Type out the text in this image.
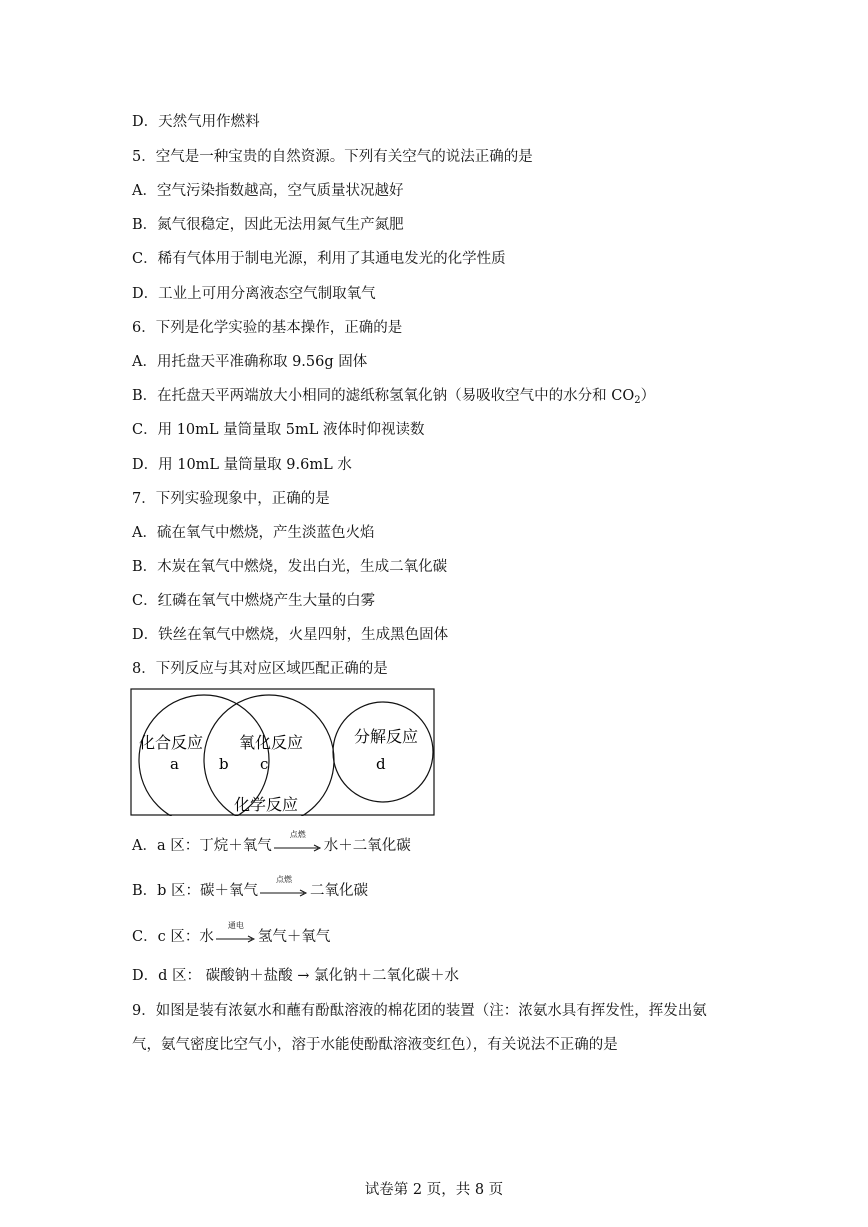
D．天然气用作燃料
5．空气是一种宝贵的自然资源。下列有关空气的说法正确的是
A．空气污染指数越高，空气质量状况越好
B．氮气很稳定，因此无法用氮气生产氮肥
C．稀有气体用于制电光源，利用了其通电发光的化学性质
D．工业上可用分离液态空气制取氧气
6．下列是化学实验的基本操作，正确的是
A．用托盘天平准确称取 9.56g 固体
B．在托盘天平两端放大小相同的滤纸称氢氧化钠（易吸收空气中的水分和 $CO_2$）
C．用 10mL 量筒量取 5mL 液体时仰视读数
D．用 10mL 量筒量取 9.6mL 水
7．下列实验现象中，正确的是
A．硫在氧气中燃烧，产生淡蓝色火焰
B．木炭在氧气中燃烧，发出白光，生成二氧化碳
C．红磷在氧气中燃烧产生大量的白雾
D．铁丝在氧气中燃烧，火星四射，生成黑色固体
8．下列反应与其对应区域匹配正确的是
化合反应 氧化反应	分解反应
a	b c	d
化学反应
A．a 区：丁烷＋氧气
点燃
水＋二氧化碳
B．b 区：碳＋氧气
点燃
二氧化碳
C．c 区：水
通电
氢气＋氧气
D．d 区： 碳酸钠＋盐酸 → 氯化钠＋二氧化碳＋水
9．如图是装有浓氨水和蘸有酚酞溶液的棉花团的装置（注：浓氨水具有挥发性，挥发出氨
气，氨气密度比空气小，溶于水能使酚酞溶液变红色），有关说法不正确的是
试卷第 2 页，共 8 页
